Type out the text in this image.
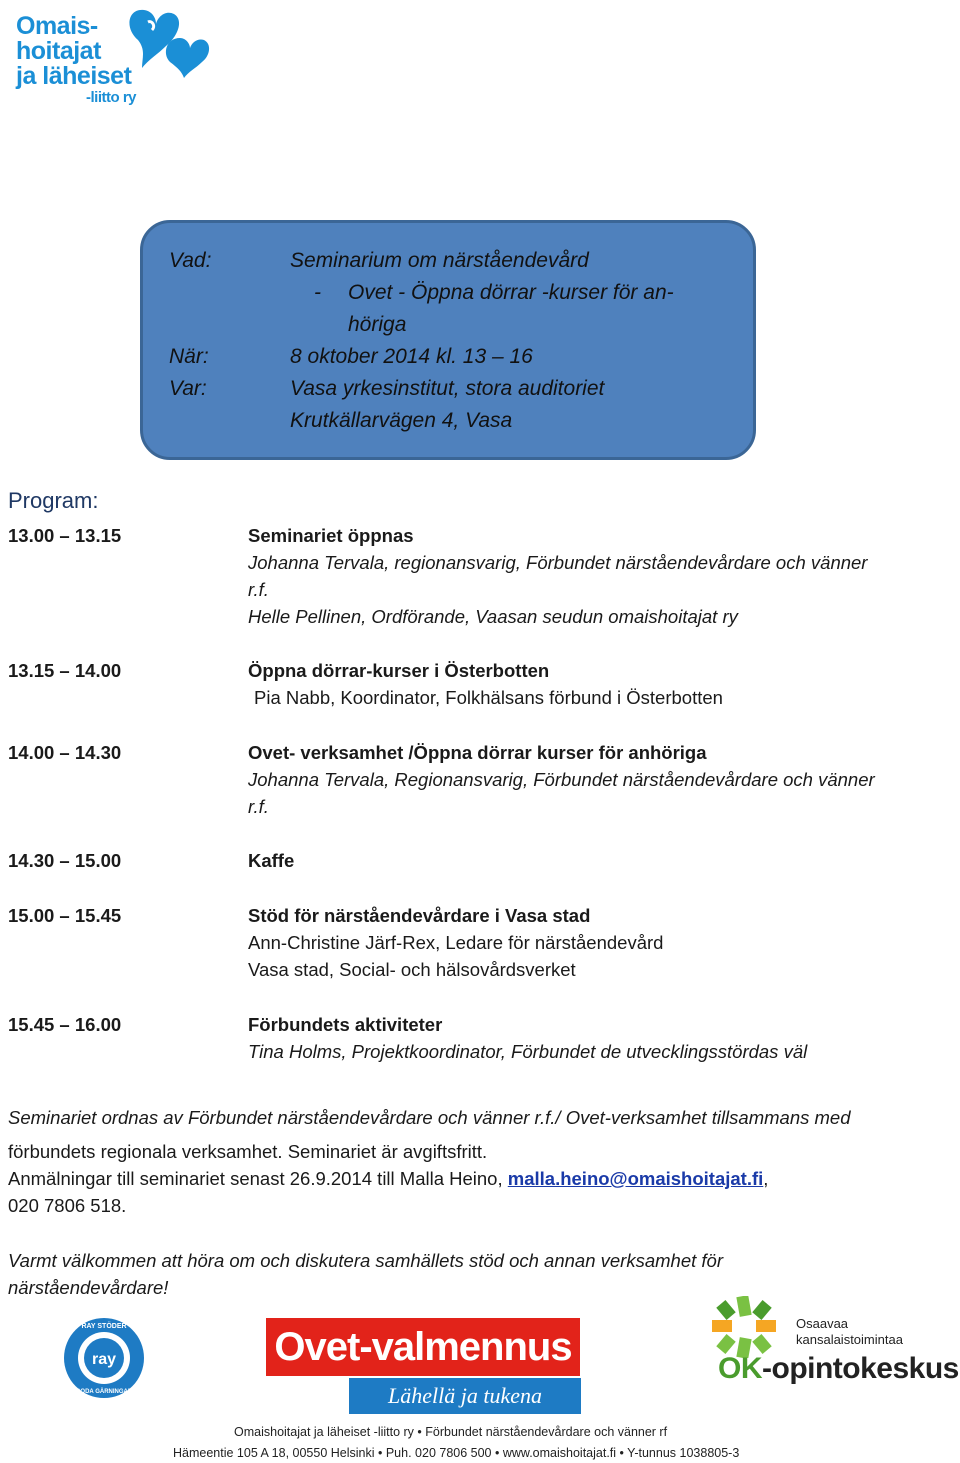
Omais-
hoitajat
ja läheiset
-liitto ry
Vad:	Seminarium om närståendevård
- Ovet - Öppna dörrar -kurser för an-
höriga
När:	8 oktober 2014 kl. 13 – 16
Var:	Vasa yrkesinstitut, stora auditoriet
Krutkällarvägen 4, Vasa
Program:
13.00 – 13.15	Seminariet öppnas
Johanna Tervala, regionansvarig, Förbundet närståendevårdare och vänner
r.f.
Helle Pellinen, Ordförande, Vaasan seudun omaishoitajat ry
13.15 – 14.00	Öppna dörrar-kurser i Österbotten
Pia Nabb, Koordinator, Folkhälsans förbund i Österbotten
14.00 – 14.30	Ovet- verksamhet /Öppna dörrar kurser för anhöriga
Johanna Tervala, Regionansvarig, Förbundet närståendevårdare och vänner
r.f.
14.30 – 15.00	Kaffe
15.00 – 15.45	Stöd för närståendevårdare i Vasa stad
Ann-Christine Järf-Rex, Ledare för närståendevård
Vasa stad, Social- och hälsovårdsverket
15.45 – 16.00	Förbundets aktiviteter
Tina Holms, Projektkoordinator, Förbundet de utvecklingsstördas väl
Seminariet ordnas av Förbundet närståendevårdare och vänner r.f./ Ovet-verksamhet tillsammans med
förbundets regionala verksamhet. Seminariet är avgiftsfritt.
Anmälningar till seminariet senast 26.9.2014 till Malla Heino, malla.heino@omaishoitajat.fi,
020 7806 518.
Varmt välkommen att höra om och diskutera samhällets stöd och annan verksamhet för
närståendevårdare!
ray
RAY STÖDER
GODA GÄRNINGAR
Ovet-valmennus
Lähellä ja tukena
Osaavaa
kansalaistoimintaa
OK-opintokeskus
Omaishoitajat ja läheiset -liitto ry • Förbundet närståendevårdare och vänner rf
Hämeentie 105 A 18, 00550 Helsinki • Puh. 020 7806 500 • www.omaishoitajat.fi • Y-tunnus 1038805-3
